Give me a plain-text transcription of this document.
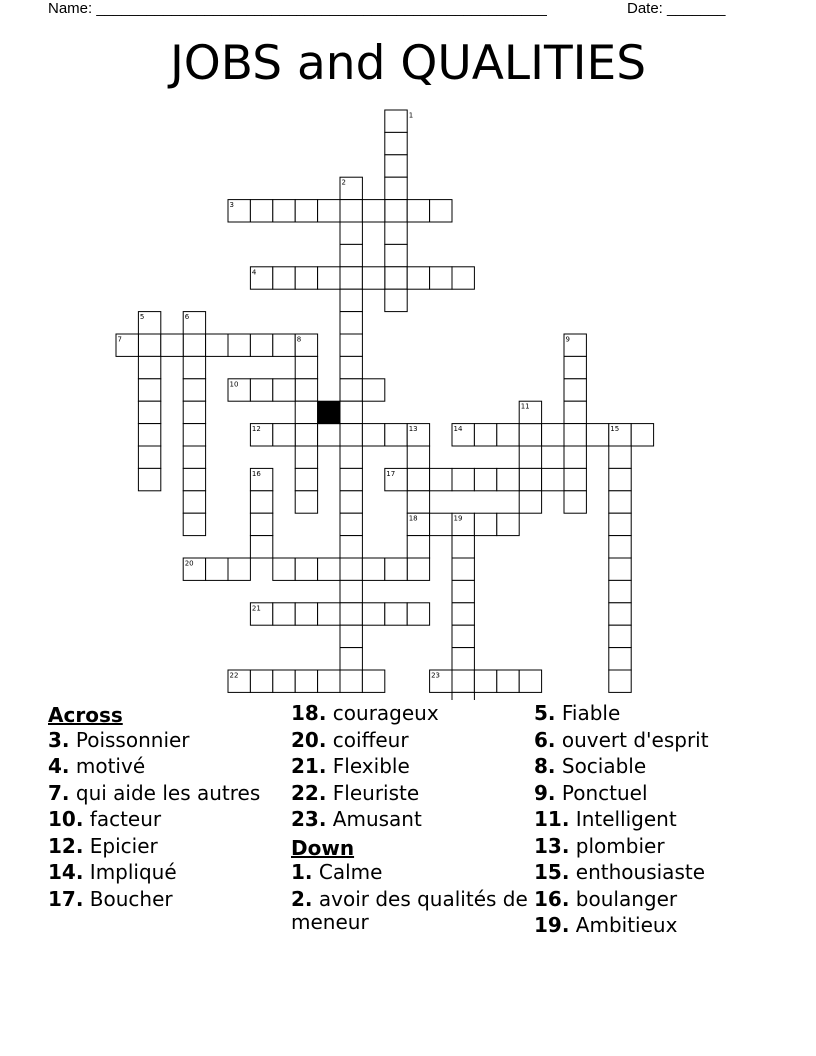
Name: ______________________________________________________	Date: _______
JOBS and QUALITIES
1
2
3
4
5	6
7	8	9
10
11
12	13	14	15
16	17
18	19
20
21
22	23
Across
3. Poissonnier
4. motivé
7. qui aide les autres
10. facteur
12. Epicier
14. Impliqué
17. Boucher
18. courageux
20. coiffeur
21. Flexible
22. Fleuriste
23. Amusant
Down
1. Calme
2. avoir des qualités de meneur
5. Fiable
6. ouvert d'esprit
8. Sociable
9. Ponctuel
11. Intelligent
13. plombier
15. enthousiaste
16. boulanger
19. Ambitieux
